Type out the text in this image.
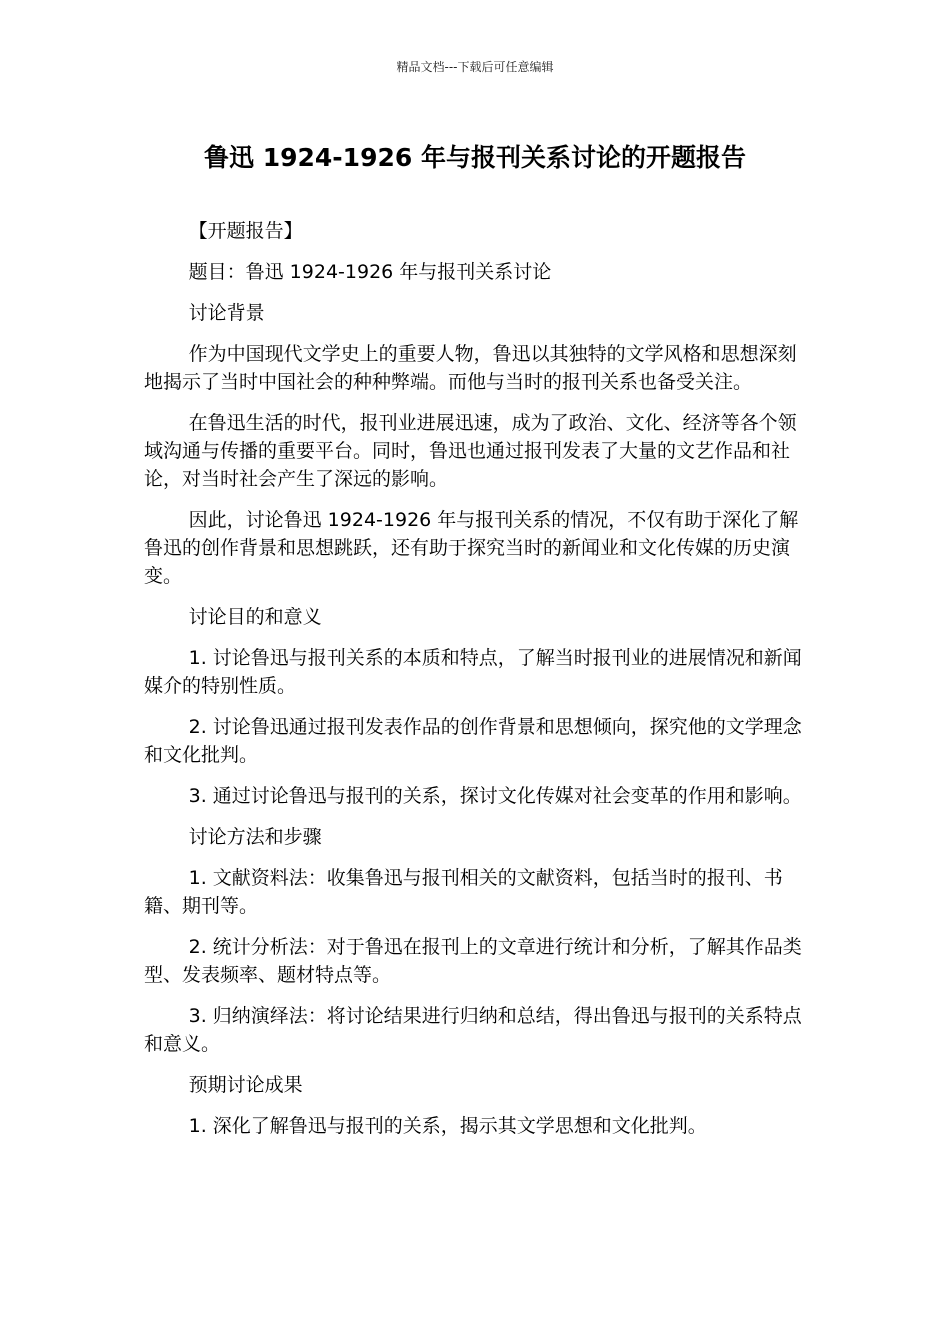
精品文档---下载后可任意编辑
鲁迅 1924-1926 年与报刊关系讨论的开题报告

【开题报告】

题目：鲁迅 1924-1926 年与报刊关系讨论

讨论背景

作为中国现代文学史上的重要人物，鲁迅以其独特的文学风格和思想深刻地揭示了当时中国社会的种种弊端。而他与当时的报刊关系也备受关注。

在鲁迅生活的时代，报刊业进展迅速，成为了政治、文化、经济等各个领域沟通与传播的重要平台。同时，鲁迅也通过报刊发表了大量的文艺作品和社论，对当时社会产生了深远的影响。

因此，讨论鲁迅 1924-1926 年与报刊关系的情况，不仅有助于深化了解鲁迅的创作背景和思想跳跃，还有助于探究当时的新闻业和文化传媒的历史演变。

讨论目的和意义

1. 讨论鲁迅与报刊关系的本质和特点，了解当时报刊业的进展情况和新闻媒介的特别性质。

2. 讨论鲁迅通过报刊发表作品的创作背景和思想倾向，探究他的文学理念和文化批判。

3. 通过讨论鲁迅与报刊的关系，探讨文化传媒对社会变革的作用和影响。

讨论方法和步骤

1. 文献资料法：收集鲁迅与报刊相关的文献资料，包括当时的报刊、书籍、期刊等。

2. 统计分析法：对于鲁迅在报刊上的文章进行统计和分析，了解其作品类型、发表频率、题材特点等。

3. 归纳演绎法：将讨论结果进行归纳和总结，得出鲁迅与报刊的关系特点和意义。

预期讨论成果

1. 深化了解鲁迅与报刊的关系，揭示其文学思想和文化批判。
